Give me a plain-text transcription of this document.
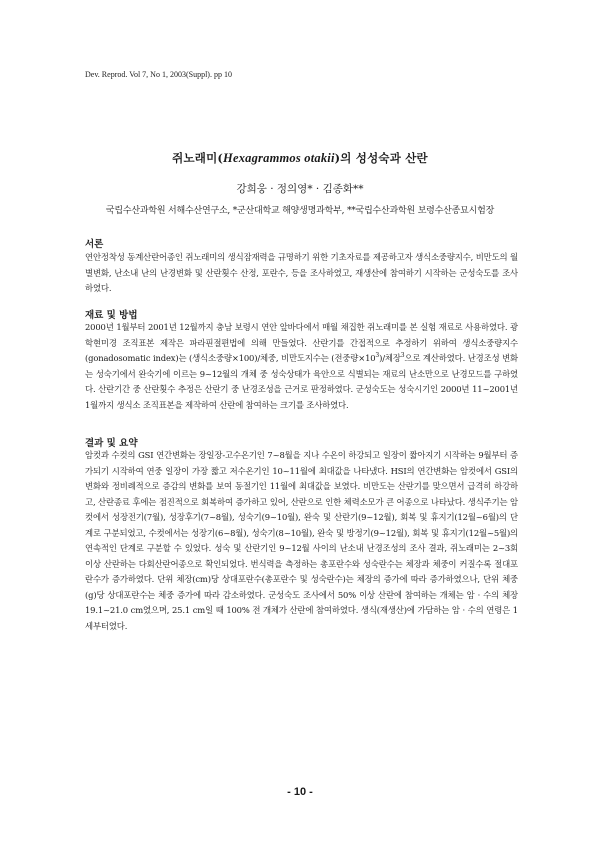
Dev. Reprod. Vol 7, No 1, 2003(Suppl). pp 10
쥐노래미(Hexagrammos otakii)의 성성숙과 산란
강희웅 · 정의영* · 김종화**
국립수산과학원 서해수산연구소, *군산대학교 해양생명과학부, **국립수산과학원 보령수산종묘시험장
서론
연안정착성 동계산란어종인 쥐노래미의 생식잠재력을 규명하기 위한 기초자료를 제공하고자 생식소중량지수, 비만도의 월별변화, 난소내 난의 난경변화 및 산란횟수 산정, 포란수, 등을 조사하였고, 재생산에 참여하기 시작하는 군성숙도를 조사하였다.
재료 및 방법
2000년 1월부터 2001년 12월까지 충남 보령시 연안 앞바다에서 매월 채집한 쥐노래미를 본 실험 재료로 사용하였다. 광학현미경 조직표본 제작은 파라핀절편법에 의해 만들었다. 산란기를 간접적으로 추정하기 위하여 생식소중량지수(gonadosomatic index)는 (생식소중량×100)/체중, 비만도지수는 (전중량$\times 10^3)/$체장$^3$으로 계산하였다. 난경조성 변화는 성숙기에서 완숙기에 이르는 9~12월의 개체 중 성숙상태가 육안으로 식별되는 재료의 난소만으로 난경모드를 구하였다. 산란기간 중 산란횟수 추정은 산란기 중 난경조성을 근거로 판정하였다. 군성숙도는 성숙시기인 2000년 11~2001년 1월까지 생식소 조직표본을 제작하여 산란에 참여하는 크기를 조사하였다.
결과 및 요약
암컷과 수컷의 GSI 연간변화는 장일장-고수온기인 7~8월을 지나 수온이 하강되고 일장이 짧아지기 시작하는 9월부터 증가되기 시작하여 연중 일장이 가장 짧고 저수온기인 10~11월에 최대값을 나타냈다. HSI의 연간변화는 암컷에서 GSI의 변화와 정비례적으로 증감의 변화를 보여 동절기인 11월에 최대값을 보였다. 비만도는 산란기를 맞으면서 급격히 하강하고, 산란종료 후에는 점진적으로 회복하여 증가하고 있어, 산란으로 인한 체력소모가 큰 어종으로 나타났다. 생식주기는 암컷에서 성장전기(7월), 성장후기(7~8월), 성숙기(9~10월), 완숙 및 산란기(9~12월), 회복 및 휴지기(12월~6월)의 단계로 구분되었고, 수컷에서는 성장기(6~8월), 성숙기(8~10월), 완숙 및 방정기(9~12월), 회복 및 휴지기(12월~5월)의 연속적인 단계로 구분할 수 있었다. 성숙 및 산란기인 9~12월 사이의 난소내 난경조성의 조사 결과, 쥐노래미는 2~3회 이상 산란하는 다회산란어종으로 확인되었다. 번식력을 측정하는 총포란수와 성숙란수는 체장과 체중이 커질수록 절대포란수가 증가하였다. 단위 체장(cm)당 상대포란수(총포란수 및 성숙란수)는 체장의 증가에 따라 증가하였으나, 단위 체중(g)당 상대포란수는 체중 증가에 따라 감소하였다. 군성숙도 조사에서 50% 이상 산란에 참여하는 개체는 암 · 수의 체장 19.1~21.0 cm였으며, 25.1 cm일 때 100% 전 개체가 산란에 참여하였다. 생식(재생산)에 가담하는 암 · 수의 연령은 1세부터였다.
- 10 -
